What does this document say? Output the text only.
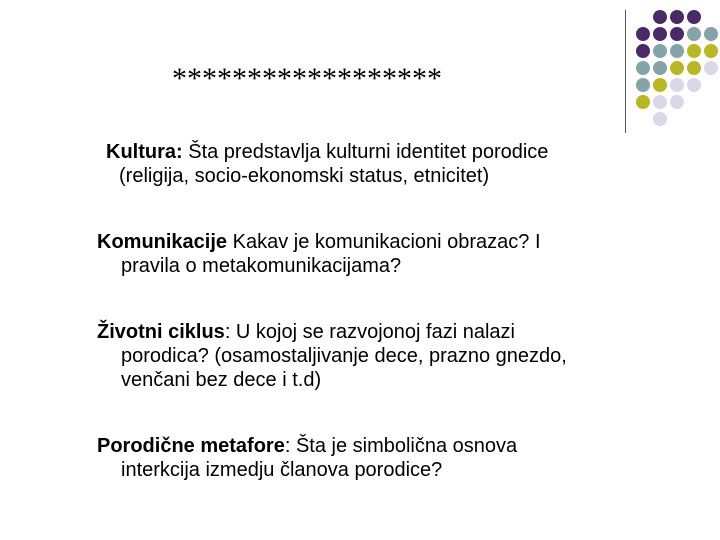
******************
Kultura: Šta predstavlja kulturni identitet porodice
(religija, socio-ekonomski status, etnicitet)
Komunikacije Kakav je komunikacioni obrazac? I
pravila o metakomunikacijama?
Životni ciklus: U kojoj se razvojonoj fazi nalazi
porodica? (osamostaljivanje dece, prazno gnezdo,
venčani bez dece i t.d)
Porodične metafore: Šta je simbolična osnova
interkcija izmedju članova porodice?
